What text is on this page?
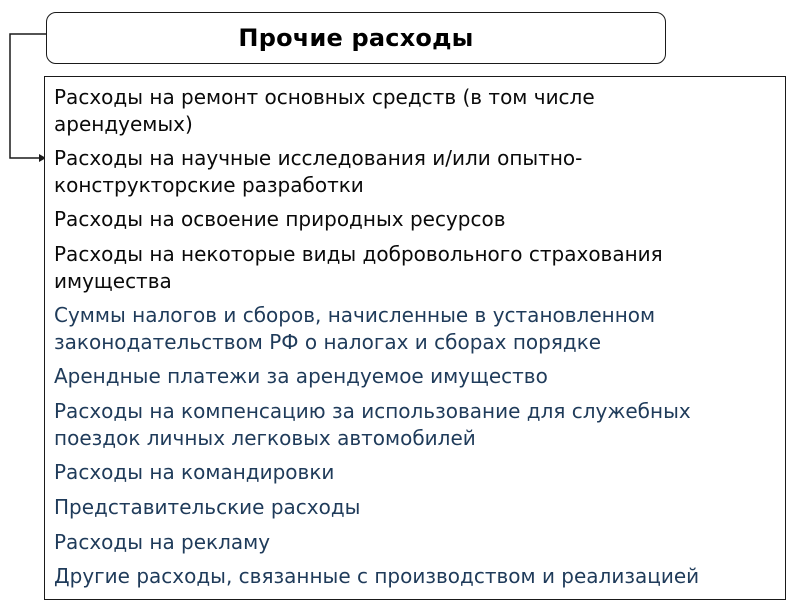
Прочие расходы
Расходы на ремонт основных средств (в том числе
арендуемых)
Расходы на научные исследования и/или опытно-
конструкторские разработки
Расходы на освоение природных ресурсов
Расходы на некоторые виды добровольного страхования
имущества
Суммы налогов и сборов, начисленные в установленном
законодательством РФ о налогах и сборах порядке
Арендные платежи за арендуемое имущество
Расходы на компенсацию за использование для служебных
поездок личных легковых автомобилей
Расходы на командировки
Представительские расходы
Расходы на рекламу
Другие расходы, связанные с производством и реализацией
